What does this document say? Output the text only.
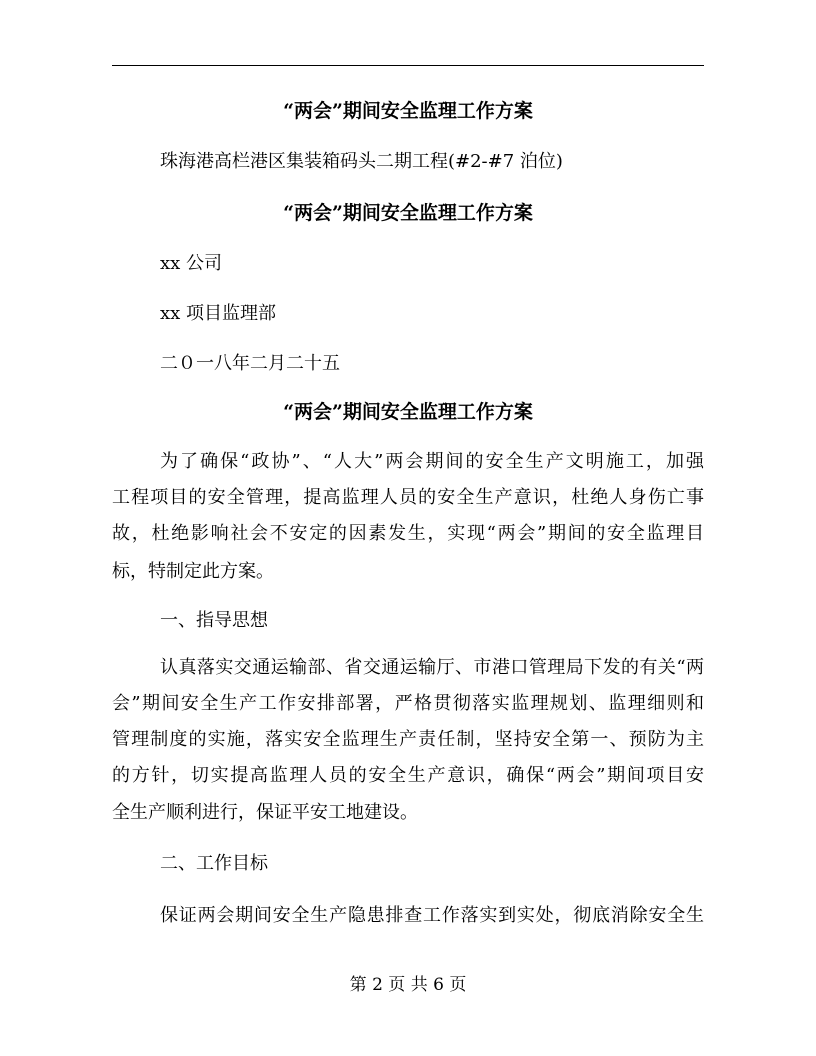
“两会”期间安全监理工作方案
珠海港高栏港区集装箱码头二期工程(#2-#7 泊位)
“两会”期间安全监理工作方案
xx 公司
xx 项目监理部
二０一八年二月二十五
“两会”期间安全监理工作方案
为了确保“政协”、“人大”两会期间的安全生产文明施工，加强
工程项目的安全管理，提高监理人员的安全生产意识，杜绝人身伤亡事
故，杜绝影响社会不安定的因素发生，实现“两会”期间的安全监理目
标，特制定此方案。
一、指导思想
认真落实交通运输部、省交通运输厅、市港口管理局下发的有关“两
会”期间安全生产工作安排部署，严格贯彻落实监理规划、监理细则和
管理制度的实施，落实安全监理生产责任制，坚持安全第一、预防为主
的方针，切实提高监理人员的安全生产意识，确保“两会”期间项目安
全生产顺利进行，保证平安工地建设。
二、工作目标
保证两会期间安全生产隐患排查工作落实到实处，彻底消除安全生
第 2 页 共 6 页
